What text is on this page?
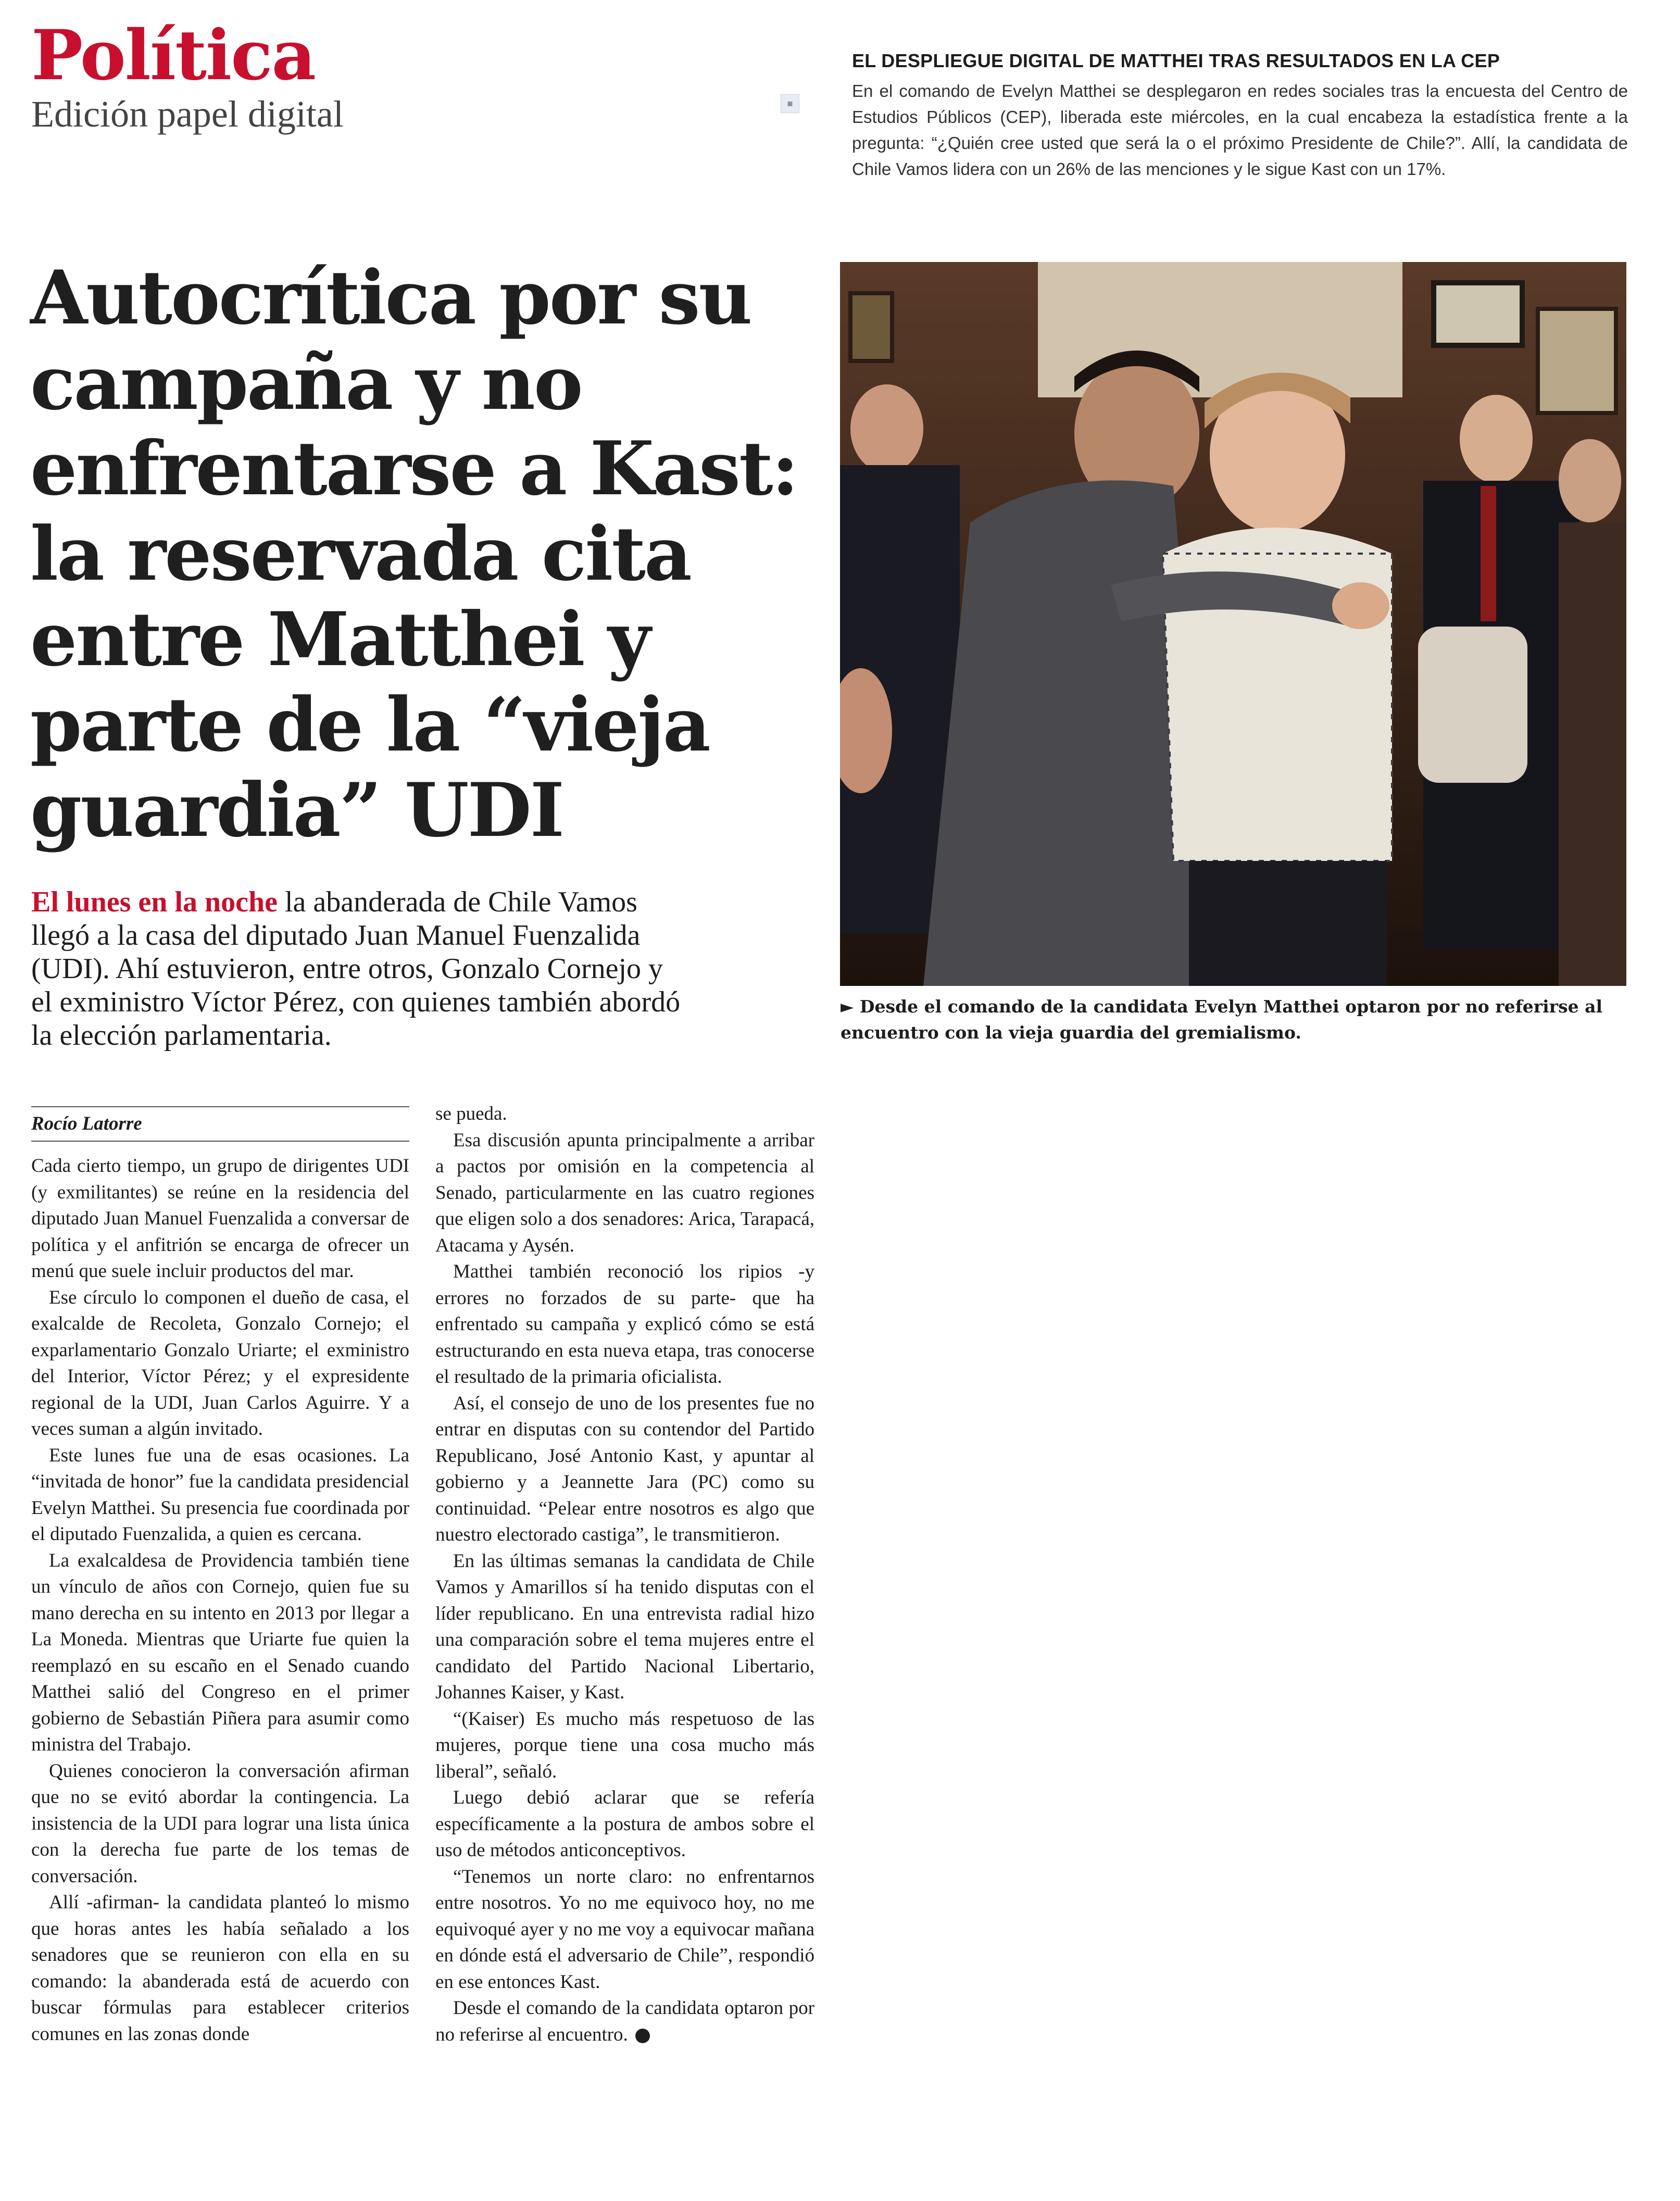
Política
Edición papel digital	▪
EL DESPLIEGUE DIGITAL DE MATTHEI TRAS RESULTADOS EN LA CEP

En el comando de Evelyn Matthei se desplegaron en redes sociales tras la encuesta del Centro de Estudios Públicos (CEP), liberada este miércoles, en la cual encabeza la estadística frente a la pregunta: “¿Quién cree usted que será la o el próximo Presidente de Chile?”. Allí, la candidata de Chile Vamos lidera con un 26% de las menciones y le sigue Kast con un 17%.

Autocrítica por su campaña y no enfrentarse a Kast: la reservada cita entre Matthei y parte de la “vieja guardia” UDI

El lunes en la noche la abanderada de Chile Vamos llegó a la casa del diputado Juan Manuel Fuenzalida (UDI). Ahí estuvieron, entre otros, Gonzalo Cornejo y el exministro Víctor Pérez, con quienes también abordó la elección parlamentaria.

► Desde el comando de la candidata Evelyn Matthei optaron por no referirse al encuentro con la vieja guardia del gremialismo.

Rocío Latorre

Cada cierto tiempo, un grupo de dirigentes UDI (y exmilitantes) se reúne en la residencia del diputado Juan Manuel Fuenzalida a conversar de política y el anfitrión se encarga de ofrecer un menú que suele incluir productos del mar.

Ese círculo lo componen el dueño de casa, el exalcalde de Recoleta, Gonzalo Cornejo; el exparlamentario Gonzalo Uriarte; el exministro del Interior, Víctor Pérez; y el expresidente regional de la UDI, Juan Carlos Aguirre. Y a veces suman a algún invitado.

Este lunes fue una de esas ocasiones. La “invitada de honor” fue la candidata presidencial Evelyn Matthei. Su presencia fue coordinada por el diputado Fuenzalida, a quien es cercana.

La exalcaldesa de Providencia también tiene un vínculo de años con Cornejo, quien fue su mano derecha en su intento en 2013 por llegar a La Moneda. Mientras que Uriarte fue quien la reemplazó en su escaño en el Senado cuando Matthei salió del Congreso en el primer gobierno de Sebastián Piñera para asumir como ministra del Trabajo.

Quienes conocieron la conversación afirman que no se evitó abordar la contingencia. La insistencia de la UDI para lograr una lista única con la derecha fue parte de los temas de conversación.

Allí -afirman- la candidata planteó lo mismo que horas antes les había señalado a los senadores que se reunieron con ella en su comando: la abanderada está de acuerdo con buscar fórmulas para establecer criterios comunes en las zonas donde

se pueda.

Esa discusión apunta principalmente a arribar a pactos por omisión en la competencia al Senado, particularmente en las cuatro regiones que eligen solo a dos senadores: Arica, Tarapacá, Atacama y Aysén.

Matthei también reconoció los ripios -y errores no forzados de su parte- que ha enfrentado su campaña y explicó cómo se está estructurando en esta nueva etapa, tras conocerse el resultado de la primaria oficialista.

Así, el consejo de uno de los presentes fue no entrar en disputas con su contendor del Partido Republicano, José Antonio Kast, y apuntar al gobierno y a Jeannette Jara (PC) como su continuidad. “Pelear entre nosotros es algo que nuestro electorado castiga”, le transmitieron.

En las últimas semanas la candidata de Chile Vamos y Amarillos sí ha tenido disputas con el líder republicano. En una entrevista radial hizo una comparación sobre el tema mujeres entre el candidato del Partido Nacional Libertario, Johannes Kaiser, y Kast.

“(Kaiser) Es mucho más respetuoso de las mujeres, porque tiene una cosa mucho más liberal”, señaló.

Luego debió aclarar que se refería específicamente a la postura de ambos sobre el uso de métodos anticonceptivos.

“Tenemos un norte claro: no enfrentarnos entre nosotros. Yo no me equivoco hoy, no me equivoqué ayer y no me voy a equivocar mañana en dónde está el adversario de Chile”, respondió en ese entonces Kast.

Desde el comando de la candidata optaron por no referirse al encuentro.
